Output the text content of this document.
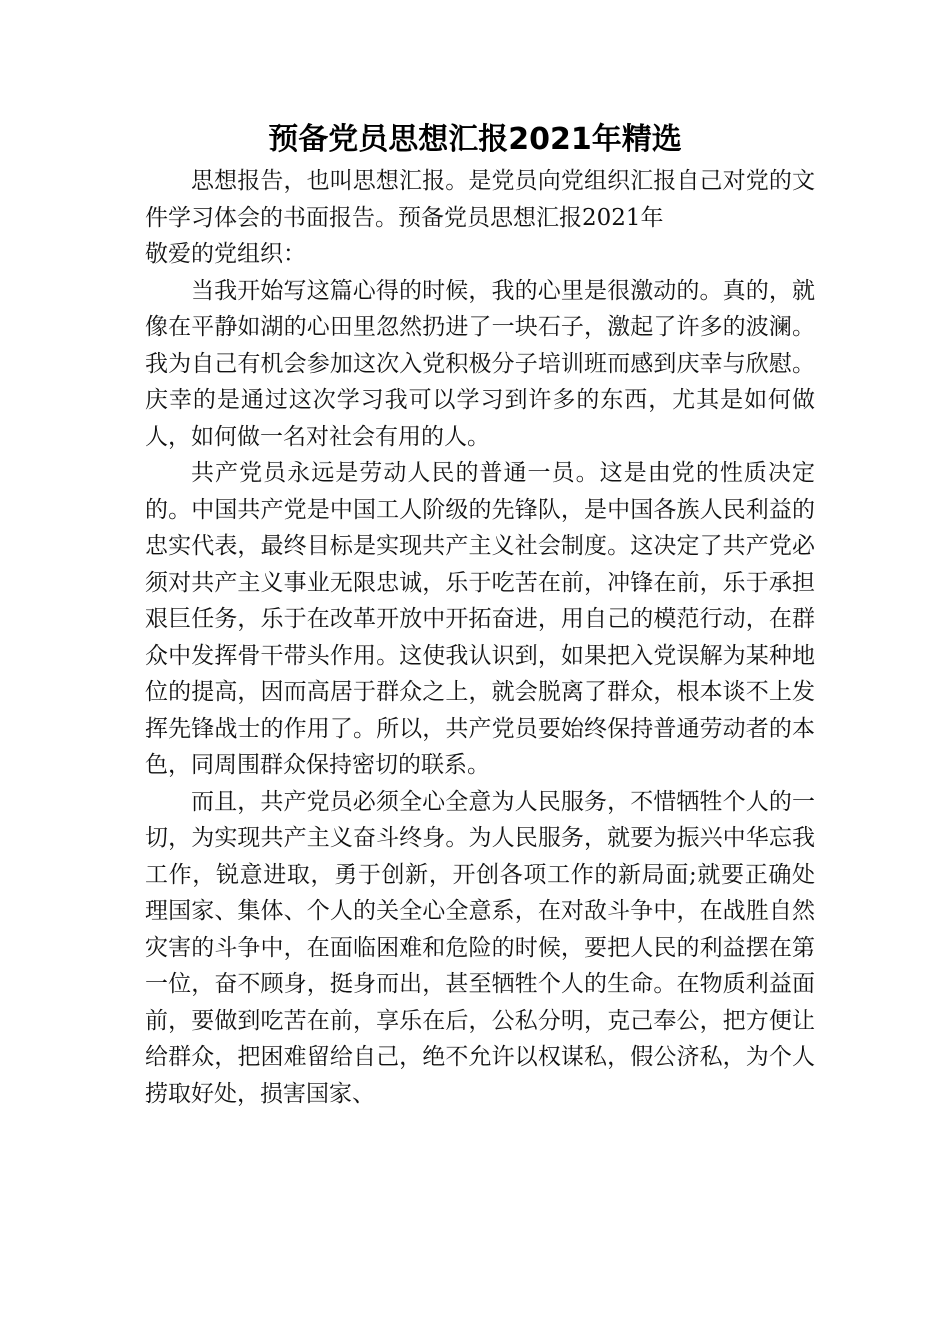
预备党员思想汇报2021年精选

思想报告，也叫思想汇报。是党员向党组织汇报自己对党的文件学习体会的书面报告。预备党员思想汇报2021年

敬爱的党组织：

当我开始写这篇心得的时候，我的心里是很激动的。真的，就像在平静如湖的心田里忽然扔进了一块石子，激起了许多的波澜。我为自己有机会参加这次入党积极分子培训班而感到庆幸与欣慰。庆幸的是通过这次学习我可以学习到许多的东西，尤其是如何做人，如何做一名对社会有用的人。

共产党员永远是劳动人民的普通一员。这是由党的性质决定的。中国共产党是中国工人阶级的先锋队，是中国各族人民利益的忠实代表，最终目标是实现共产主义社会制度。这决定了共产党必须对共产主义事业无限忠诚，乐于吃苦在前，冲锋在前，乐于承担艰巨任务，乐于在改革开放中开拓奋进，用自己的模范行动，在群众中发挥骨干带头作用。这使我认识到，如果把入党误解为某种地位的提高，因而高居于群众之上，就会脱离了群众，根本谈不上发挥先锋战士的作用了。所以，共产党员要始终保持普通劳动者的本色，同周围群众保持密切的联系。

而且，共产党员必须全心全意为人民服务，不惜牺牲个人的一切，为实现共产主义奋斗终身。为人民服务，就要为振兴中华忘我工作，锐意进取，勇于创新，开创各项工作的新局面;就要正确处理国家、集体、个人的关全心全意系，在对敌斗争中，在战胜自然灾害的斗争中，在面临困难和危险的时候，要把人民的利益摆在第一位，奋不顾身，挺身而出，甚至牺牲个人的生命。在物质利益面前，要做到吃苦在前，享乐在后，公私分明，克己奉公，把方便让给群众，把困难留给自己，绝不允许以权谋私，假公济私，为个人捞取好处，损害国家、
